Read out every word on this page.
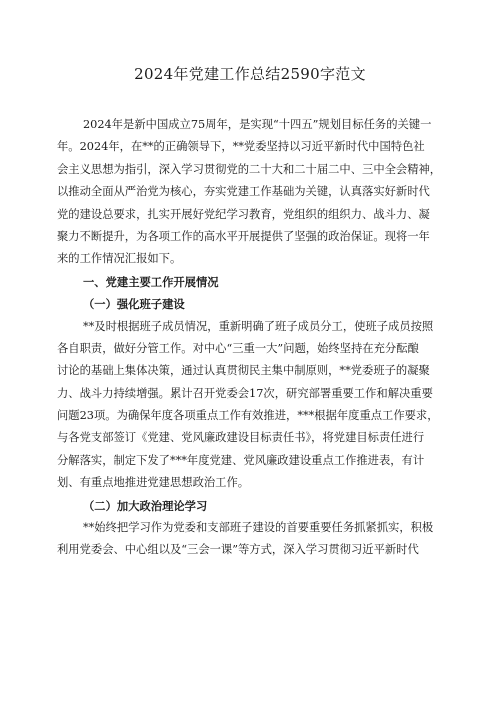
2024年党建工作总结2590字范文
2024年是新中国成立75周年，是实现“十四五”规划目标任务的关键一
年。2024年，在**的正确领导下，**党委坚持以习近平新时代中国特色社
会主义思想为指引，深入学习贯彻党的二十大和二十届二中、三中全会精神，
以推动全面从严治党为核心，夯实党建工作基础为关键，认真落实好新时代
党的建设总要求，扎实开展好党纪学习教育，党组织的组织力、战斗力、凝
聚力不断提升，为各项工作的高水平开展提供了坚强的政治保证。现将一年
来的工作情况汇报如下。
一、党建主要工作开展情况
（一）强化班子建设
**及时根据班子成员情况，重新明确了班子成员分工，使班子成员按照
各自职责，做好分管工作。对中心“三重一大”问题，始终坚持在充分酝酿
讨论的基础上集体决策，通过认真贯彻民主集中制原则，**党委班子的凝聚
力、战斗力持续增强。累计召开党委会17次，研究部署重要工作和解决重要
问题23项。为确保年度各项重点工作有效推进，***根据年度重点工作要求，
与各党支部签订《党建、党风廉政建设目标责任书》，将党建目标责任进行
分解落实，制定下发了***年度党建、党风廉政建设重点工作推进表，有计
划、有重点地推进党建思想政治工作。
（二）加大政治理论学习
**始终把学习作为党委和支部班子建设的首要重要任务抓紧抓实，积极
利用党委会、中心组以及“三会一课”等方式，深入学习贯彻习近平新时代
